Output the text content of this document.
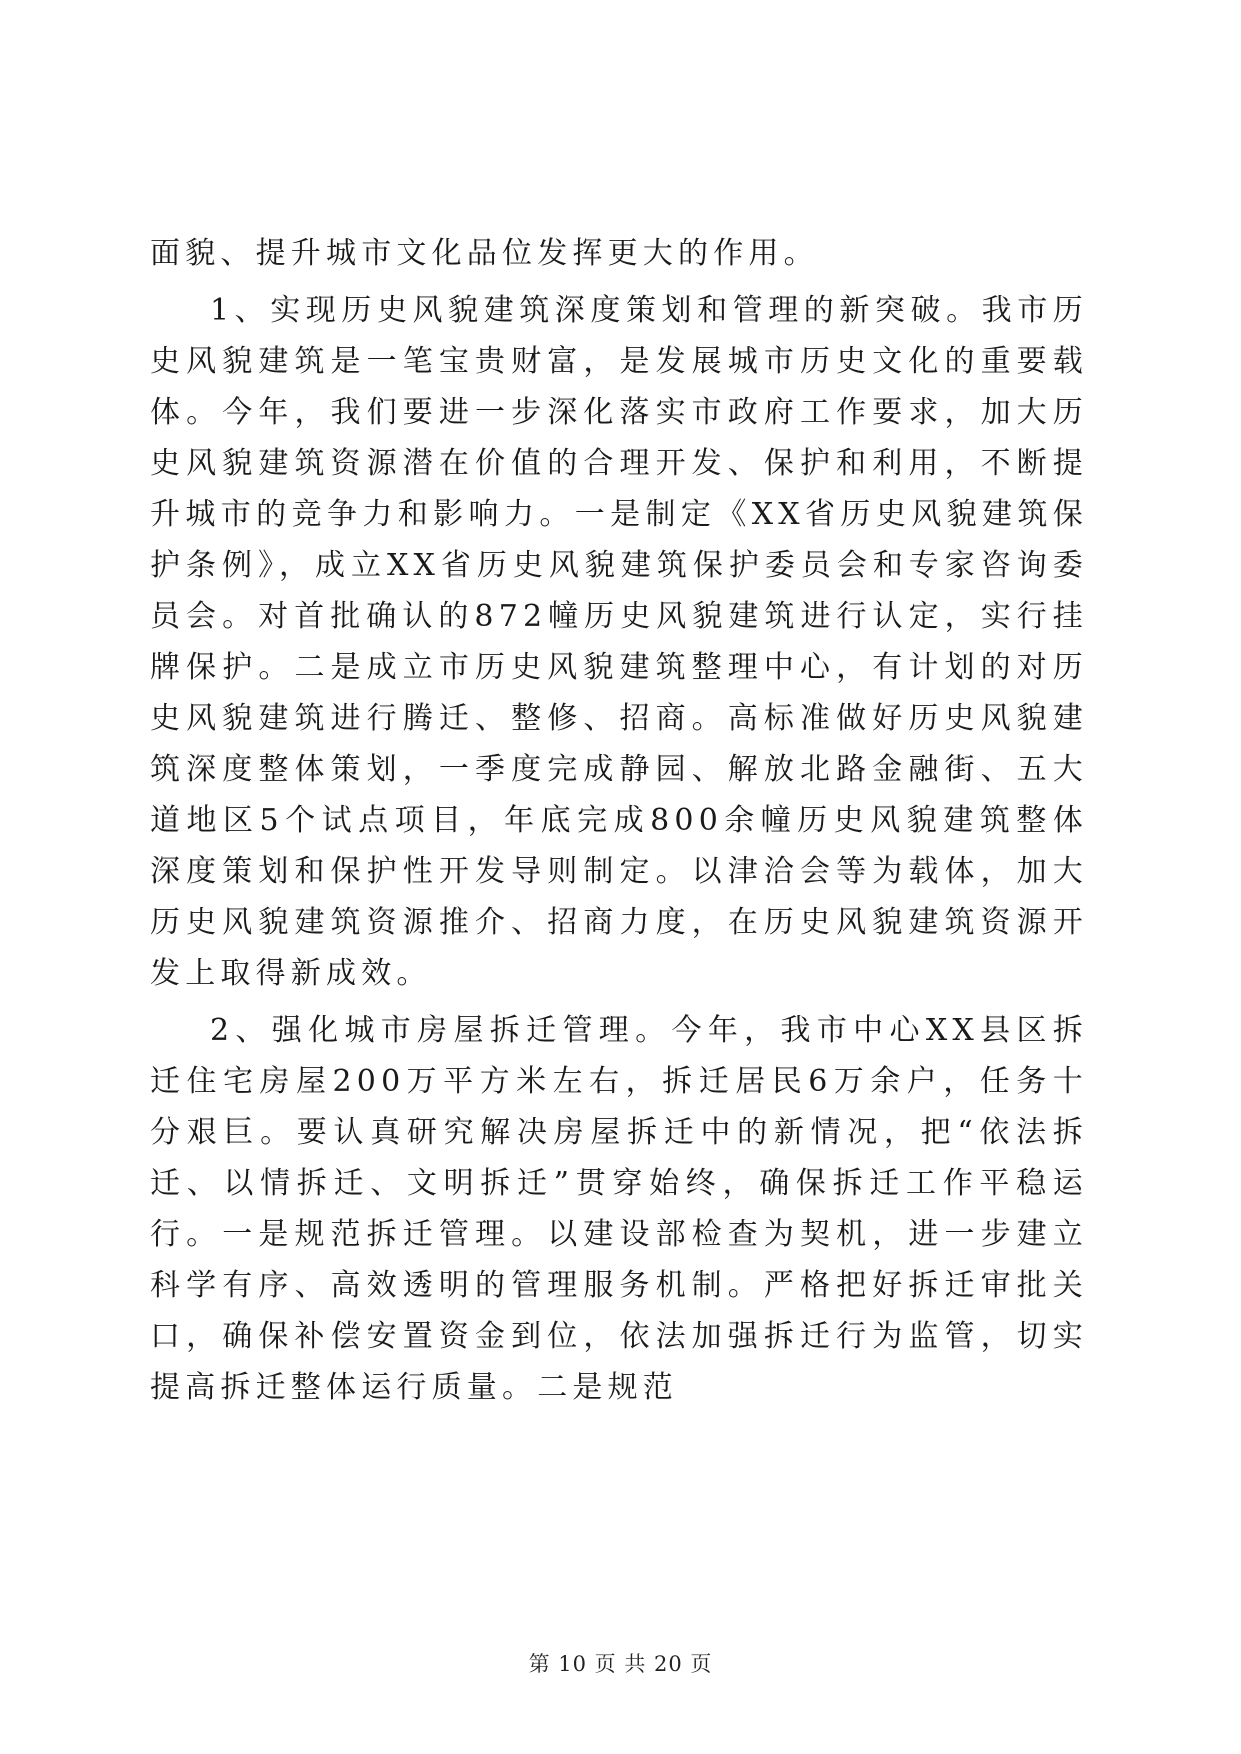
面貌、提升城市文化品位发挥更大的作用。

1、实现历史风貌建筑深度策划和管理的新突破。我市历史风貌建筑是一笔宝贵财富，是发展城市历史文化的重要载体。今年，我们要进一步深化落实市政府工作要求，加大历史风貌建筑资源潜在价值的合理开发、保护和利用，不断提升城市的竞争力和影响力。一是制定《XX省历史风貌建筑保护条例》，成立XX省历史风貌建筑保护委员会和专家咨询委员会。对首批确认的872幢历史风貌建筑进行认定，实行挂牌保护。二是成立市历史风貌建筑整理中心，有计划的对历史风貌建筑进行腾迁、整修、招商。高标准做好历史风貌建筑深度整体策划，一季度完成静园、解放北路金融街、五大道地区5个试点项目，年底完成800余幢历史风貌建筑整体深度策划和保护性开发导则制定。以津洽会等为载体，加大历史风貌建筑资源推介、招商力度，在历史风貌建筑资源开发上取得新成效。

2、强化城市房屋拆迁管理。今年，我市中心XX县区拆迁住宅房屋200万平方米左右，拆迁居民6万余户，任务十分艰巨。要认真研究解决房屋拆迁中的新情况，把“依法拆迁、以情拆迁、文明拆迁”贯穿始终，确保拆迁工作平稳运行。一是规范拆迁管理。以建设部检查为契机，进一步建立科学有序、高效透明的管理服务机制。严格把好拆迁审批关口，确保补偿安置资金到位，依法加强拆迁行为监管，切实提高拆迁整体运行质量。二是规范

第 10 页 共 20 页
